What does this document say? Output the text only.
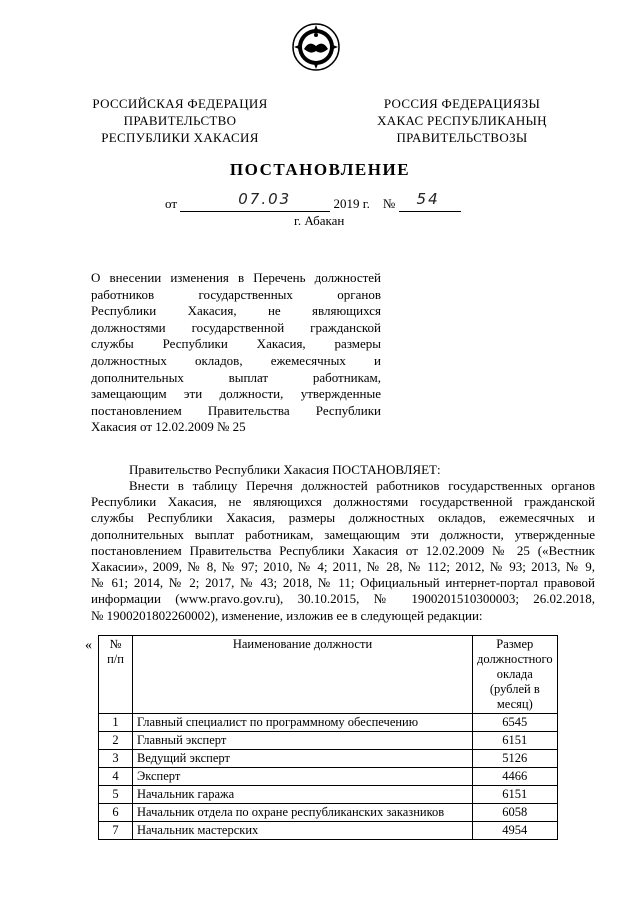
РОССИЙСКАЯ ФЕДЕРАЦИЯ
ПРАВИТЕЛЬСТВО
РЕСПУБЛИКИ ХАКАСИЯ
РОССИЯ ФЕДЕРАЦИЯЗЫ
ХАКАС РЕСПУБЛИКАНЫҢ
ПРАВИТЕЛЬСТВОЗЫ
ПОСТАНОВЛЕНИЕ
от	07.03	2019 г. № 54
г. Абакан
О внесении изменения в Перечень должностей
работников государственных органов
Республики Хакасия, не являющихся
должностями государственной гражданской
службы Республики Хакасия, размеры
должностных окладов, ежемесячных и
дополнительных выплат работникам,
замещающим эти должности, утвержденные
постановлением Правительства Республики
Хакасия от 12.02.2009 № 25
Правительство Республики Хакасия ПОСТАНОВЛЯЕТ:
Внести в таблицу Перечня должностей работников государственных органов
Республики Хакасия, не являющихся должностями государственной гражданской
службы Республики Хакасия, размеры должностных окладов, ежемесячных и
дополнительных выплат работникам, замещающим эти должности, утвержденные
постановлением Правительства Республики Хакасия от 12.02.2009 № 25 («Вестник
Хакасии», 2009, № 8, № 97; 2010, № 4; 2011, № 28, № 112; 2012, № 93; 2013, № 9,
№ 61; 2014, № 2; 2017, № 43; 2018, № 11; Официальный интернет-портал правовой
информации (www.pravo.gov.ru), 30.10.2015, № 1900201510300003; 26.02.2018,
№ 1900201802260002), изменение, изложив ее в следующей редакции:
« № п/п	Наименование должности	Размер должностного оклада (рублей в месяц)
1	Главный специалист по программному обеспечению	6545
2	Главный эксперт	6151
3	Ведущий эксперт	5126
4	Эксперт	4466
5	Начальник гаража	6151
6	Начальник отдела по охране республиканских заказников	6058
7	Начальник мастерских	4954
